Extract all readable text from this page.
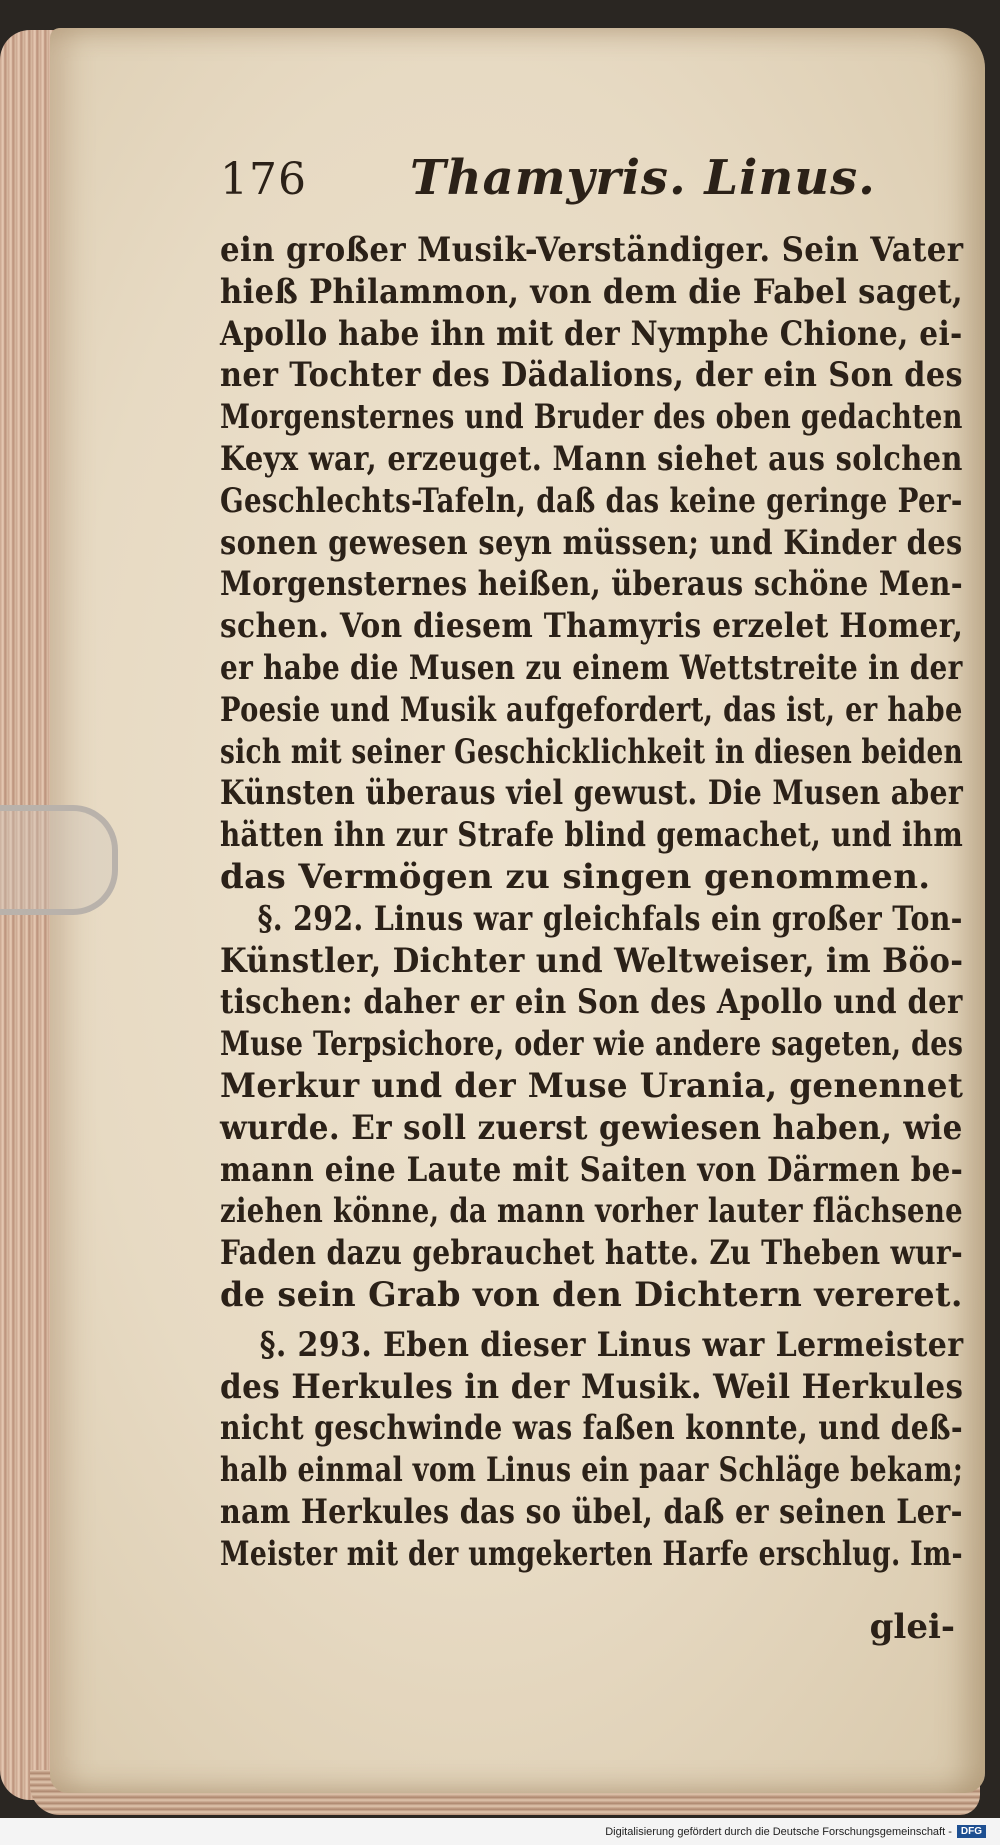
176	Thamyris. Linus.
ein großer Musik-Verständiger. Sein Vater
hieß Philammon, von dem die Fabel saget,
Apollo habe ihn mit der Nymphe Chione, ei-
ner Tochter des Dädalions, der ein Son des
Morgensternes und Bruder des oben gedachten
Keyx war, erzeuget. Mann siehet aus solchen
Geschlechts-Tafeln, daß das keine geringe Per-
sonen gewesen seyn müssen; und Kinder des
Morgensternes heißen, überaus schöne Men-
schen. Von diesem Thamyris erzelet Homer,
er habe die Musen zu einem Wettstreite in der
Poesie und Musik aufgefordert, das ist, er habe
sich mit seiner Geschicklichkeit in diesen beiden
Künsten überaus viel gewust. Die Musen aber
hätten ihn zur Strafe blind gemachet, und ihm
das Vermögen zu singen genommen.
§. 292. Linus war gleichfals ein großer Ton-
Künstler, Dichter und Weltweiser, im Böo-
tischen: daher er ein Son des Apollo und der
Muse Terpsichore, oder wie andere sageten, des
Merkur und der Muse Urania, genennet
wurde. Er soll zuerst gewiesen haben, wie
mann eine Laute mit Saiten von Därmen be-
ziehen könne, da mann vorher lauter flächsene
Faden dazu gebrauchet hatte. Zu Theben wur-
de sein Grab von den Dichtern vereret.
§. 293. Eben dieser Linus war Lermeister
des Herkules in der Musik. Weil Herkules
nicht geschwinde was faßen konnte, und deß-
halb einmal vom Linus ein paar Schläge bekam;
nam Herkules das so übel, daß er seinen Ler-
Meister mit der umgekerten Harfe erschlug. Im-
glei-
Digitalisierung gefördert durch die Deutsche Forschungsgemeinschaft - DFG
